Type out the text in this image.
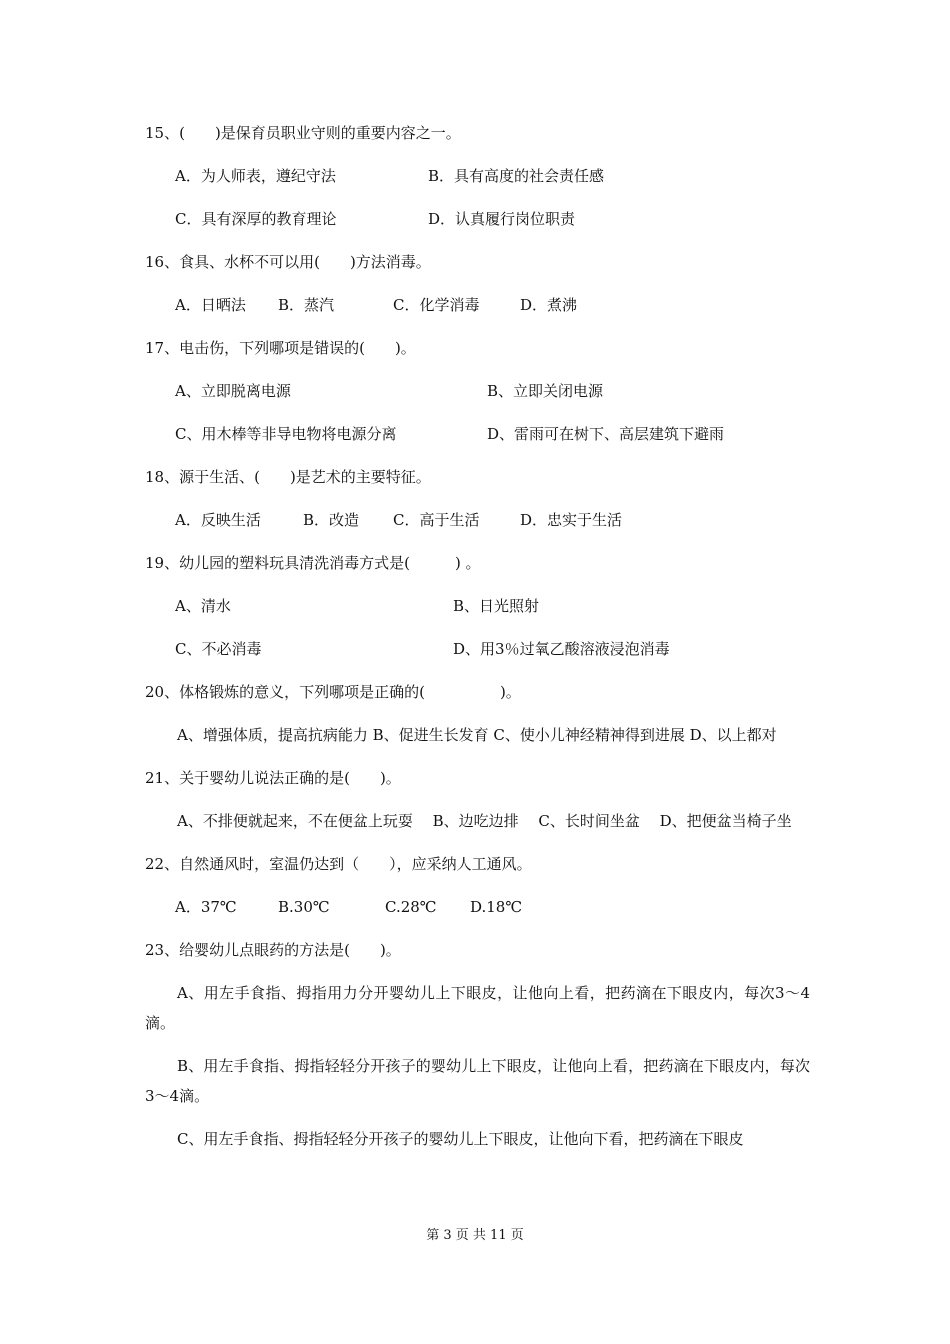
15、(　　)是保育员职业守则的重要内容之一。
A．为人师表，遵纪守法	B．具有高度的社会责任感
C．具有深厚的教育理论	D．认真履行岗位职责
16、食具、水杯不可以用(　　)方法消毒。
A．日晒法 B．蒸汽	C．化学消毒	D．煮沸
17、电击伤，下列哪项是错误的(　　)。
A、立即脱离电源	B、立即关闭电源
C、用木棒等非导电物将电源分离	D、雷雨可在树下、高层建筑下避雨
18、源于生活、(　　)是艺术的主要特征。
A．反映生活	B．改造 C．高于生活	D．忠实于生活
19、幼儿园的塑料玩具清洗消毒方式是(　　　) 。
A、清水	B、日光照射
C、不必消毒	D、用3％过氧乙酸溶液浸泡消毒
20、体格锻炼的意义，下列哪项是正确的(　　　　　)。
A、增强体质，提高抗病能力 B、促进生长发育 C、使小儿神经精神得到进展 D、以上都对
21、关于婴幼儿说法正确的是(　　)。
A、不排便就起来，不在便盆上玩耍　 B、边吃边排　 C、长时间坐盆　 D、把便盆当椅子坐
22、自然通风时，室温仍达到（　　），应采纳人工通风。
A．37℃	B.30℃	C.28℃ D.18℃
23、给婴幼儿点眼药的方法是(　　)。
A、用左手食指、拇指用力分开婴幼儿上下眼皮，让他向上看，把药滴在下眼皮内，每次3～4滴。
B、用左手食指、拇指轻轻分开孩子的婴幼儿上下眼皮，让他向上看，把药滴在下眼皮内，每次3～4滴。
C、用左手食指、拇指轻轻分开孩子的婴幼儿上下眼皮，让他向下看，把药滴在下眼皮
第 3 页 共 11 页
